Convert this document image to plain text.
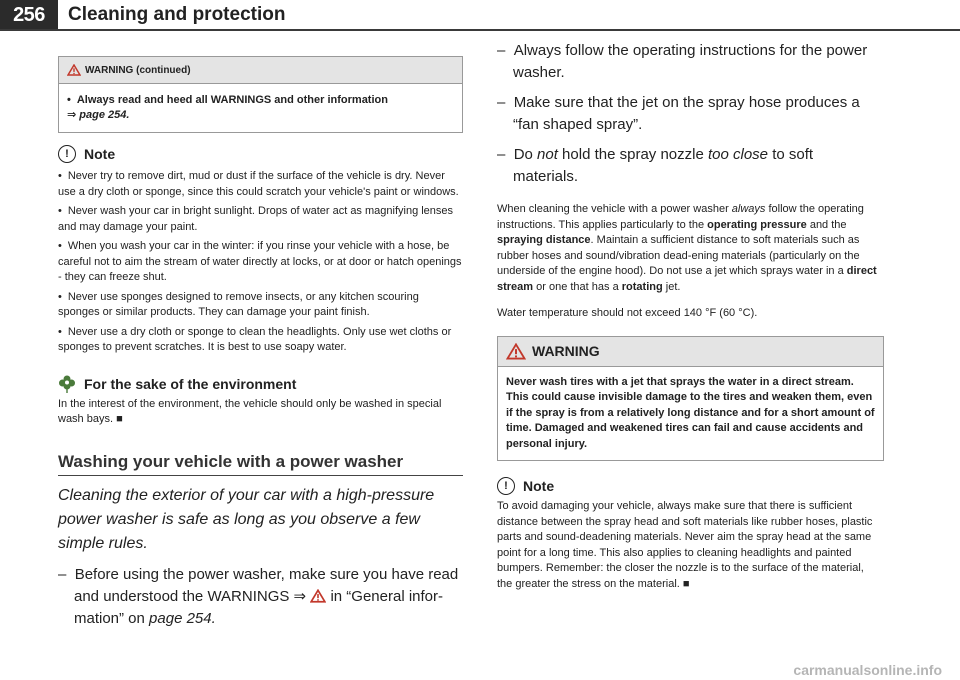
256	Cleaning and protection
WARNING (continued)
• Always read and heed all WARNINGS and other information
⇒ page 254.
!	Note

• Never try to remove dirt, mud or dust if the surface of the vehicle is dry. Never use a dry cloth or sponge, since this could scratch your vehicle's paint or windows.

• Never wash your car in bright sunlight. Drops of water act as magnifying lenses and may damage your paint.

• When you wash your car in the winter: if you rinse your vehicle with a hose, be careful not to aim the stream of water directly at locks, or at door or hatch openings - they can freeze shut.

• Never use sponges designed to remove insects, or any kitchen scouring sponges or similar products. They can damage your paint finish.

• Never use a dry cloth or sponge to clean the headlights. Only use wet cloths or sponges to prevent scratches. It is best to use soapy water.

For the sake of the environment

In the interest of the environment, the vehicle should only be washed in special wash bays. ■

Washing your vehicle with a power washer
Cleaning the exterior of your car with a high-pressure power washer is safe as long as you observe a few simple rules.
–  Before using the power washer, make sure you have read and understood the WARNINGS ⇒  in “General infor-mation” on page 254.
–  Always follow the operating instructions for the power washer.
–  Make sure that the jet on the spray hose produces a “fan shaped spray”.
–  Do not hold the spray nozzle too close to soft materials.

When cleaning the vehicle with a power washer always follow the operating instructions. This applies particularly to the operating pressure and the spraying distance. Maintain a sufficient distance to soft materials such as rubber hoses and sound/vibration dead-ening materials (particularly on the underside of the engine hood). Do not use a jet which sprays water in a direct stream or one that has a rotating jet.

Water temperature should not exceed 140 °F (60 °C).

WARNING
Never wash tires with a jet that sprays the water in a direct stream. This could cause invisible damage to the tires and weaken them, even if the spray is from a relatively long distance and for a short amount of time. Damaged and weakened tires can fail and cause accidents and personal injury.
!	Note

To avoid damaging your vehicle, always make sure that there is sufficient distance between the spray head and soft materials like rubber hoses, plastic parts and sound-deadening materials. Never aim the spray head at the same point for a long time. This also applies to cleaning headlights and painted bumpers. Remember: the closer the nozzle is to the surface of the material, the greater the stress on the material. ■

carmanualsonline.info
